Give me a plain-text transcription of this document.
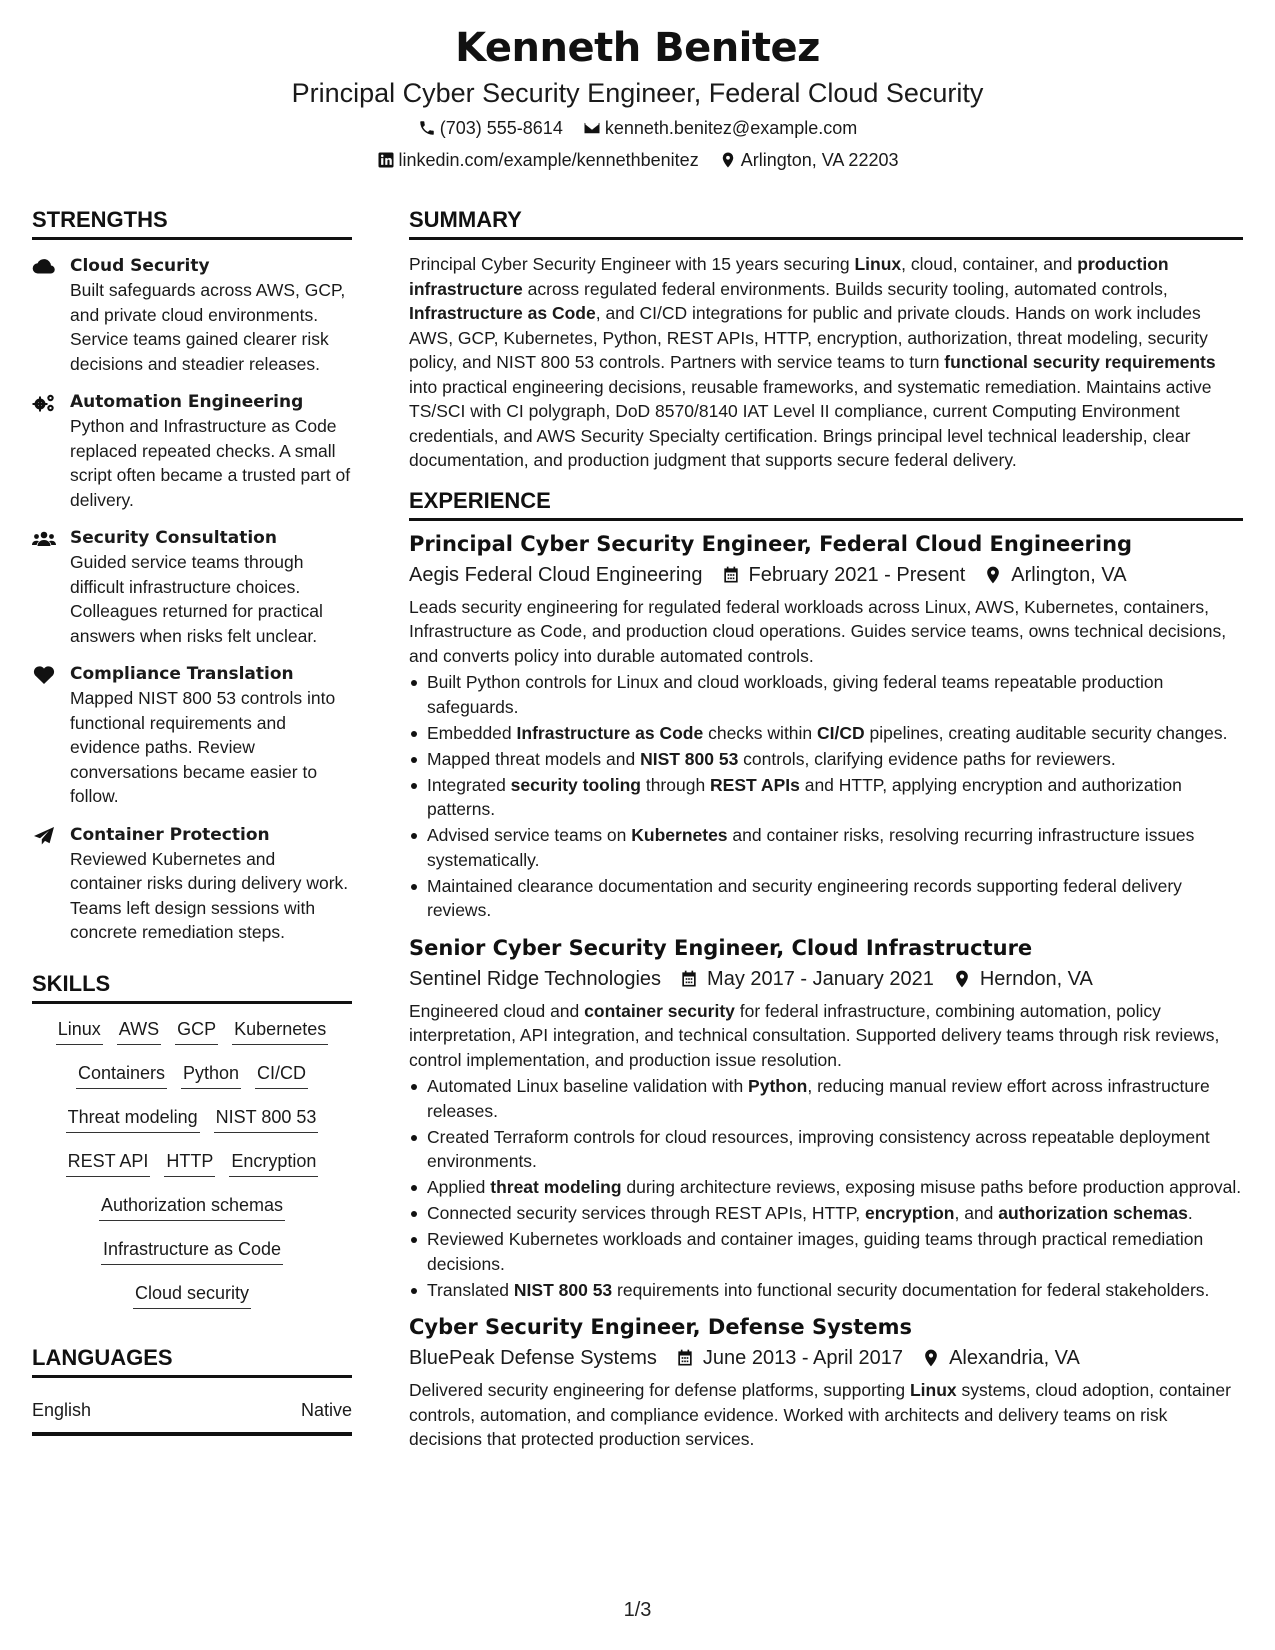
Kenneth Benitez
Principal Cyber Security Engineer, Federal Cloud Security
(703) 555-8614 kenneth.benitez@example.com
linkedin.com/example/kennethbenitez Arlington, VA 22203
STRENGTHS
Cloud Security
Built safeguards across AWS, GCP, and private cloud environments. Service teams gained clearer risk decisions and steadier releases.
Automation Engineering
Python and Infrastructure as Code replaced repeated checks. A small script often became a trusted part of delivery.
Security Consultation
Guided service teams through difficult infrastructure choices. Colleagues returned for practical answers when risks felt unclear.
Compliance Translation
Mapped NIST 800 53 controls into functional requirements and evidence paths. Review conversations became easier to follow.
Container Protection
Reviewed Kubernetes and container risks during delivery work. Teams left design sessions with concrete remediation steps.
SKILLS
Linux AWS GCP Kubernetes
Containers Python CI/CD
Threat modeling NIST 800 53
REST API HTTP Encryption
Authorization schemas
Infrastructure as Code
Cloud security
LANGUAGES
English	Native
SUMMARY
Principal Cyber Security Engineer with 15 years securing Linux, cloud, container, and production infrastructure across regulated federal environments. Builds security tooling, automated controls, Infrastructure as Code, and CI/CD integrations for public and private clouds. Hands on work includes AWS, GCP, Kubernetes, Python, REST APIs, HTTP, encryption, authorization, threat modeling, security policy, and NIST 800 53 controls. Partners with service teams to turn functional security requirements into practical engineering decisions, reusable frameworks, and systematic remediation. Maintains active TS/SCI with CI polygraph, DoD 8570/8140 IAT Level II compliance, current Computing Environment credentials, and AWS Security Specialty certification. Brings principal level technical leadership, clear documentation, and production judgment that supports secure federal delivery.
EXPERIENCE
Principal Cyber Security Engineer, Federal Cloud Engineering
Aegis Federal Cloud Engineering	February 2021 - Present	Arlington, VA
Leads security engineering for regulated federal workloads across Linux, AWS, Kubernetes, containers, Infrastructure as Code, and production cloud operations. Guides service teams, owns technical decisions, and converts policy into durable automated controls.
Built Python controls for Linux and cloud workloads, giving federal teams repeatable production safeguards.
Embedded Infrastructure as Code checks within CI/CD pipelines, creating auditable security changes.
Mapped threat models and NIST 800 53 controls, clarifying evidence paths for reviewers.
Integrated security tooling through REST APIs and HTTP, applying encryption and authorization patterns.
Advised service teams on Kubernetes and container risks, resolving recurring infrastructure issues systematically.
Maintained clearance documentation and security engineering records supporting federal delivery reviews.
Senior Cyber Security Engineer, Cloud Infrastructure
Sentinel Ridge Technologies	May 2017 - January 2021	Herndon, VA
Engineered cloud and container security for federal infrastructure, combining automation, policy interpretation, API integration, and technical consultation. Supported delivery teams through risk reviews, control implementation, and production issue resolution.
Automated Linux baseline validation with Python, reducing manual review effort across infrastructure releases.
Created Terraform controls for cloud resources, improving consistency across repeatable deployment environments.
Applied threat modeling during architecture reviews, exposing misuse paths before production approval.
Connected security services through REST APIs, HTTP, encryption, and authorization schemas.
Reviewed Kubernetes workloads and container images, guiding teams through practical remediation decisions.
Translated NIST 800 53 requirements into functional security documentation for federal stakeholders.
Cyber Security Engineer, Defense Systems
BluePeak Defense Systems	June 2013 - April 2017	Alexandria, VA
Delivered security engineering for defense platforms, supporting Linux systems, cloud adoption, container controls, automation, and compliance evidence. Worked with architects and delivery teams on risk decisions that protected production services.
1/3
